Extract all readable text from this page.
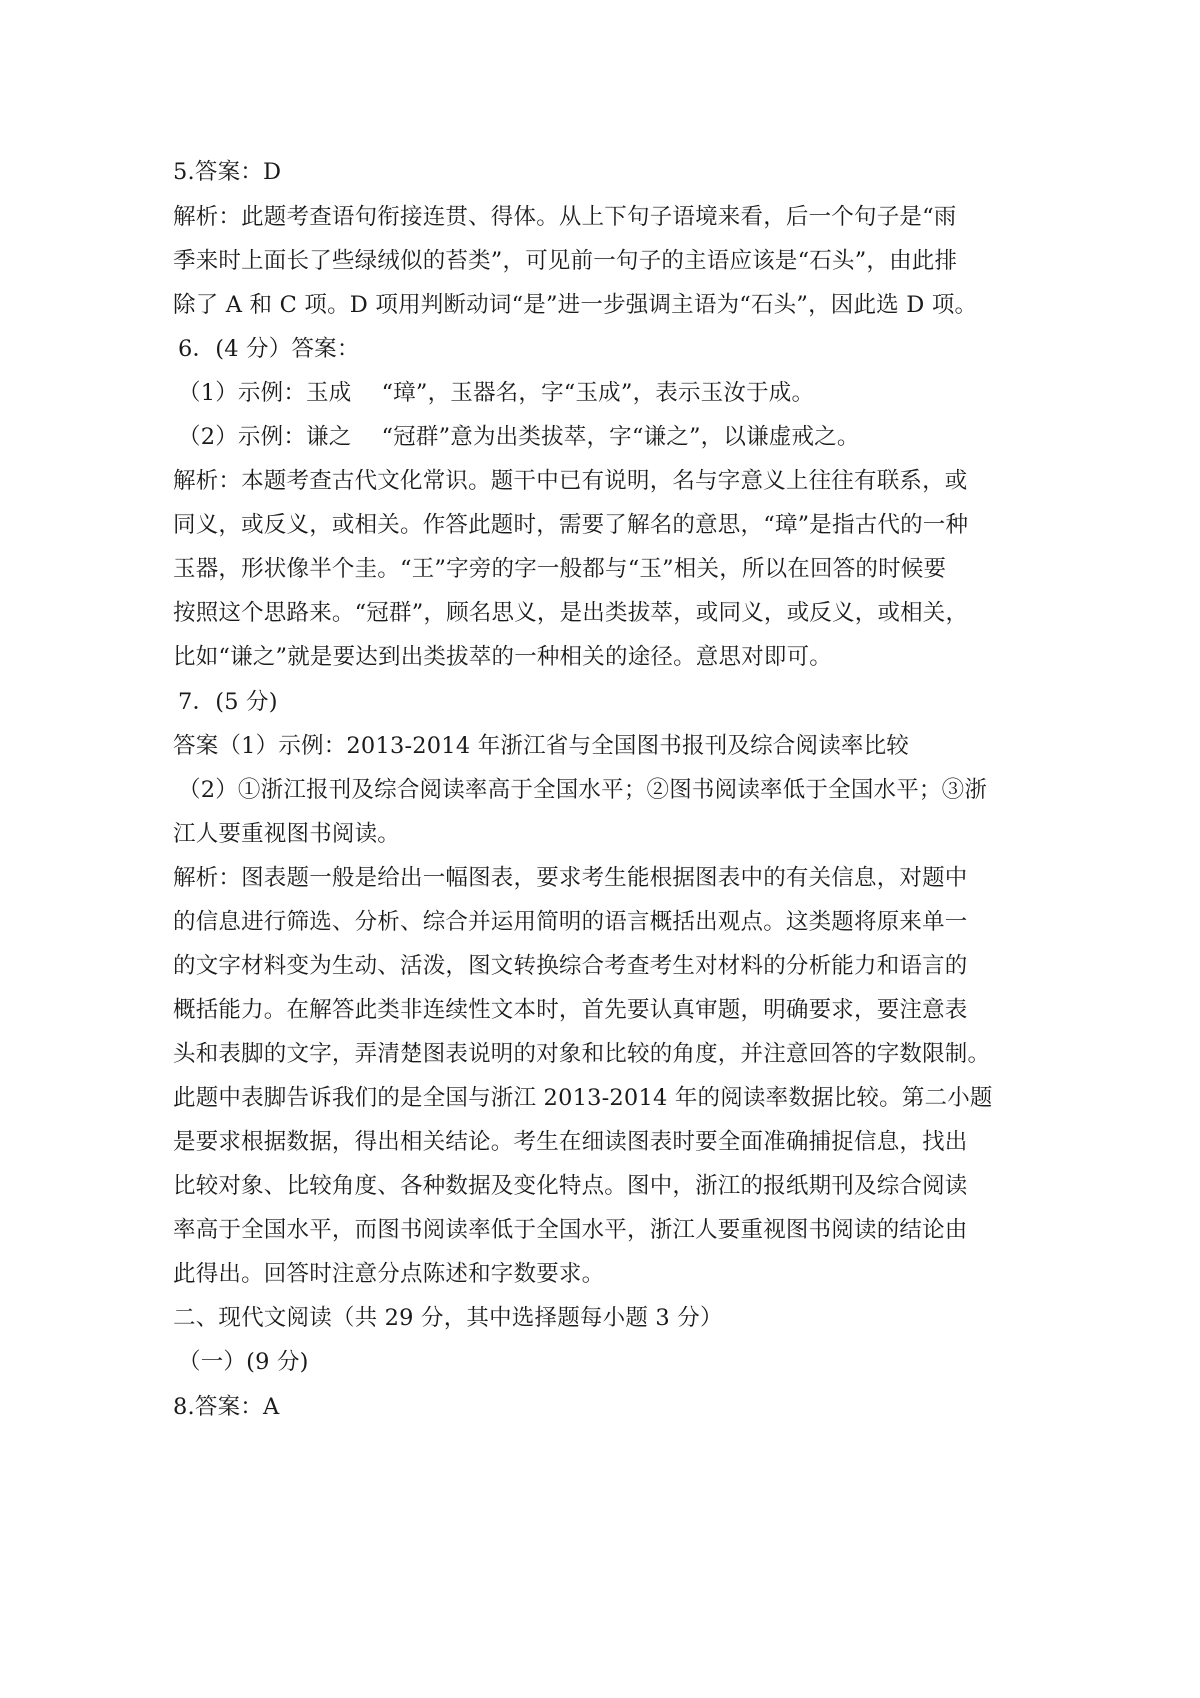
5.答案：D
解析：此题考查语句衔接连贯、得体。从上下句子语境来看，后一个句子是“雨
季来时上面长了些绿绒似的苔类”，可见前一句子的主语应该是“石头”，由此排
除了 A 和 C 项。D 项用判断动词“是”进一步强调主语为“石头”，因此选 D 项。
6．(4 分）答案：
（1）示例：玉成　 “璋”，玉器名，字“玉成”，表示玉汝于成。
（2）示例：谦之　 “冠群”意为出类拔萃，字“谦之”，以谦虚戒之。
解析：本题考查古代文化常识。题干中已有说明，名与字意义上往往有联系，或
同义，或反义，或相关。作答此题时，需要了解名的意思，“璋”是指古代的一种
玉器，形状像半个圭。“王”字旁的字一般都与“玉”相关，所以在回答的时候要
按照这个思路来。“冠群”，顾名思义，是出类拔萃，或同义，或反义，或相关，
比如“谦之”就是要达到出类拔萃的一种相关的途径。意思对即可。
7．(5 分)
答案（1）示例：2013-2014 年浙江省与全国图书报刊及综合阅读率比较
（2）①浙江报刊及综合阅读率高于全国水平；②图书阅读率低于全国水平；③浙
江人要重视图书阅读。
解析：图表题一般是给出一幅图表，要求考生能根据图表中的有关信息，对题中
的信息进行筛选、分析、综合并运用简明的语言概括出观点。这类题将原来单一
的文字材料变为生动、活泼，图文转换综合考查考生对材料的分析能力和语言的
概括能力。在解答此类非连续性文本时，首先要认真审题，明确要求，要注意表
头和表脚的文字，弄清楚图表说明的对象和比较的角度，并注意回答的字数限制。
此题中表脚告诉我们的是全国与浙江 2013-2014 年的阅读率数据比较。第二小题
是要求根据数据，得出相关结论。考生在细读图表时要全面准确捕捉信息，找出
比较对象、比较角度、各种数据及变化特点。图中，浙江的报纸期刊及综合阅读
率高于全国水平，而图书阅读率低于全国水平，浙江人要重视图书阅读的结论由
此得出。回答时注意分点陈述和字数要求。
二、现代文阅读（共 29 分，其中选择题每小题 3 分）
（一）(9 分)
8.答案：A
